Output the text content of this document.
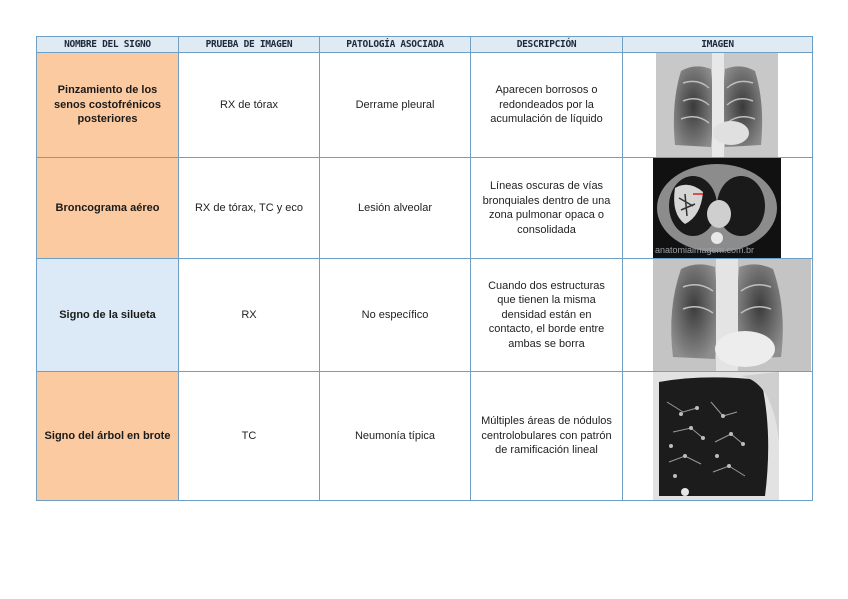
NOMBRE DEL SIGNO	PRUEBA DE IMAGEN	PATOLOGÍA ASOCIADA	DESCRIPCIÓN	IMAGEN
Pinzamiento de los senos costofrénicos posteriores	RX de tórax	Derrame pleural	Aparecen borrosos o redondeados por la acumulación de líquido	

Broncograma aéreo	RX de tórax, TC y eco	Lesión alveolar	Líneas oscuras de vías bronquiales dentro de una zona pulmonar opaca o consolidada	anatomiaimagem.com.br

Signo de la silueta	RX	No específico	Cuando dos estructuras que tienen la misma densidad están en contacto, el borde entre ambas se borra	

Signo del árbol en brote	TC	Neumonía típica	Múltiples áreas de nódulos centrolobulares con patrón de ramificación lineal	
